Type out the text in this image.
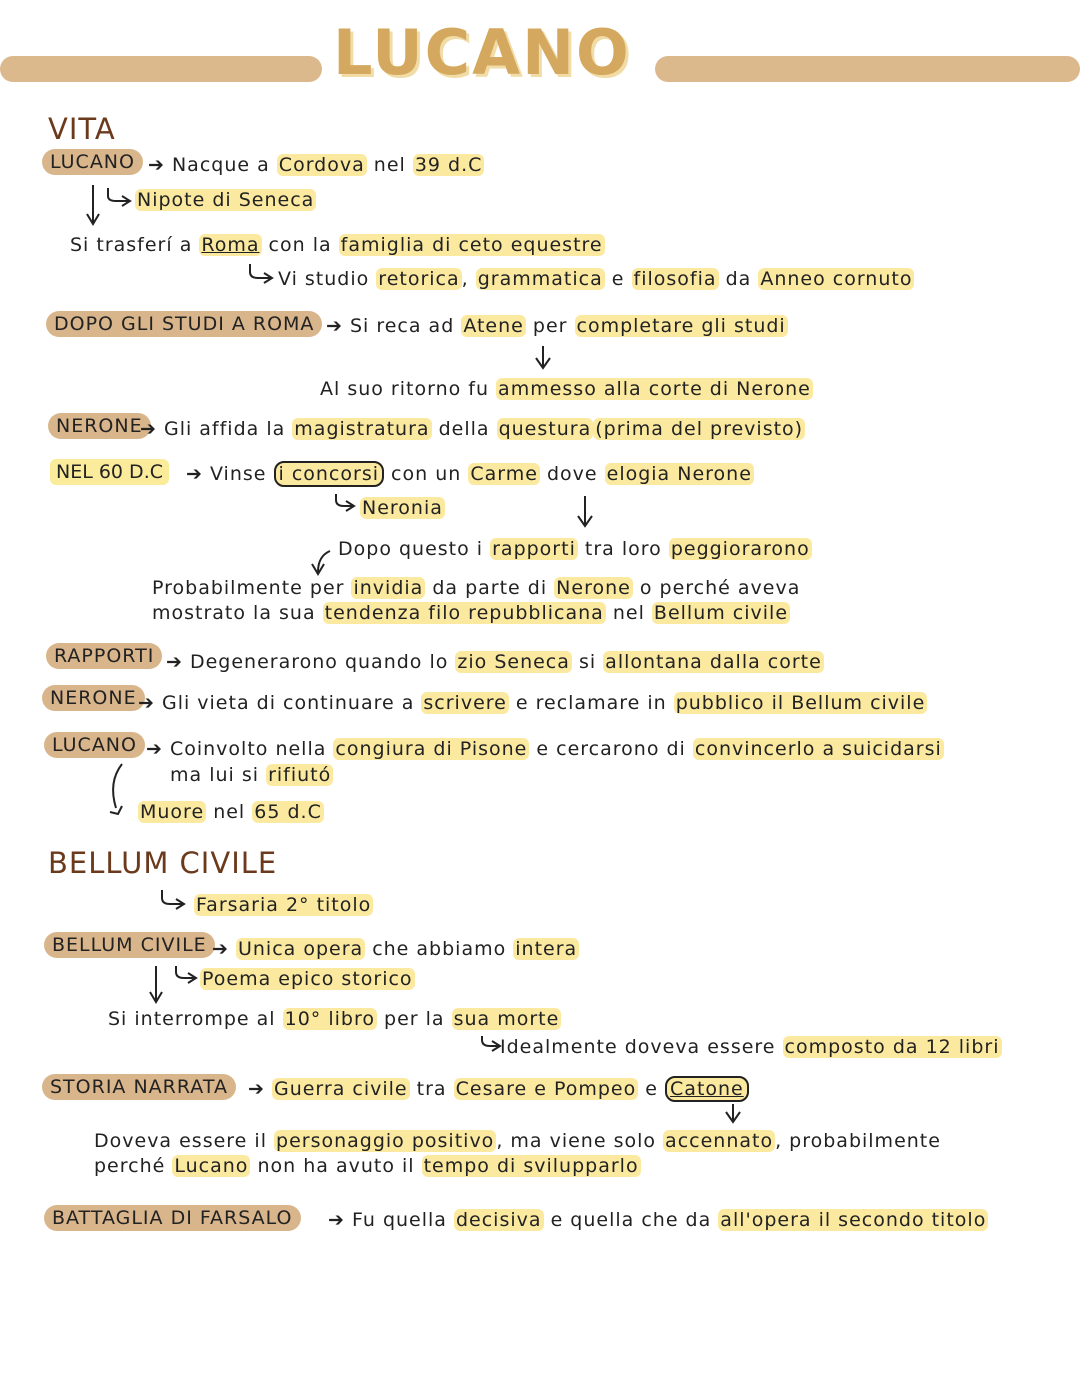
LUCANO
VITA
LUCANO ➔ Nacque a Cordova nel 39 d.C
Nipote di Seneca
Si trasferí a Roma con la famiglia di ceto equestre
Vi studio retorica , grammatica e filosofia da Anneo cornuto
DOPO GLI STUDI A ROMA ➔ Si reca ad Atene per completare gli studi
Al suo ritorno fu ammesso alla corte di Nerone
NERONE
➔ Gli affida la magistratura della questura (prima del previsto)
NEL 60 D.C	➔ Vinse i concorsi con un Carme dove elogia Nerone
Neronia
Dopo questo i rapporti tra loro peggiorarono
Probabilmente per invidia da parte di Nerone o perché aveva
mostrato la sua tendenza filo repubblicana nel Bellum civile
RAPPORTI ➔ Degenerarono quando lo zio Seneca si allontana dalla corte
NERONE ➔ Gli vieta di continuare a scrivere e reclamare in pubblico il Bellum civile
LUCANO ➔ Coinvolto nella congiura di Pisone e cercarono di convincerlo a suicidarsi
ma lui si rifiutó
Muore nel 65 d.C
BELLUM CIVILE
Farsaria 2° titolo
BELLUM CIVILE ➔ Unica opera che abbiamo intera
Poema epico storico
Si interrompe al 10° libro per la sua morte
Idealmente doveva essere composto da 12 libri
STORIA NARRATA	➔ Guerra civile tra Cesare e Pompeo e Catone
Doveva essere il personaggio positivo , ma viene solo accennato , probabilmente
perché Lucano non ha avuto il tempo di svilupparlo
BATTAGLIA DI FARSALO	➔ Fu quella decisiva e quella che da all'opera il secondo titolo
